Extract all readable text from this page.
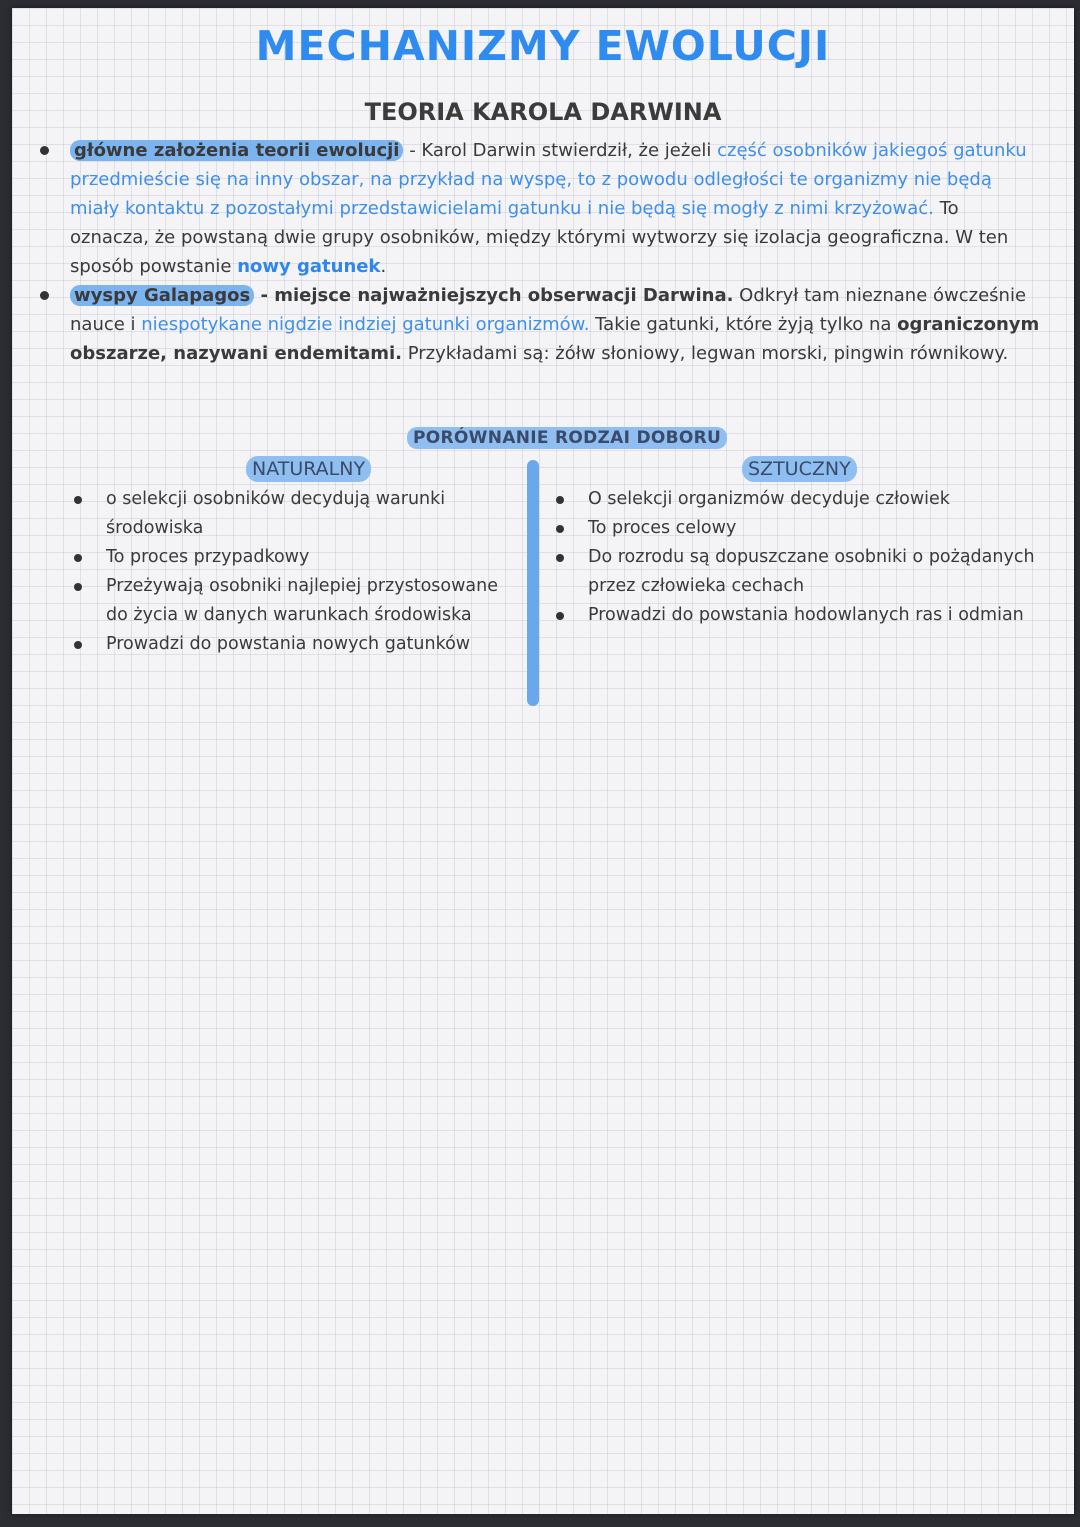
MECHANIZMY EWOLUCJI
TEORIA KAROLA DARWINA
główne założenia teorii ewolucji - Karol Darwin stwierdził, że jeżeli część osobników jakiegoś gatunku przedmieście się na inny obszar, na przykład na wyspę, to z powodu odległości te organizmy nie będą miały kontaktu z pozostałymi przedstawicielami gatunku i nie będą się mogły z nimi krzyżować. To oznacza, że powstaną dwie grupy osobników, między którymi wytworzy się izolacja geograficzna. W ten sposób powstanie nowy gatunek.
wyspy Galapagos - miejsce najważniejszych obserwacji Darwina. Odkrył tam nieznane ówcześnie nauce i niespotykane nigdzie indziej gatunki organizmów. Takie gatunki, które żyją tylko na ograniczonym obszarze, nazywani endemitami. Przykładami są: żółw słoniowy, legwan morski, pingwin równikowy.
PORÓWNANIE RODZAI DOBORU
NATURALNY	SZTUCZNY
o selekcji osobników decydują warunki środowiska
To proces przypadkowy
Przeżywają osobniki najlepiej przystosowane do życia w danych warunkach środowiska
Prowadzi do powstania nowych gatunków
O selekcji organizmów decyduje człowiek
To proces celowy
Do rozrodu są dopuszczane osobniki o pożądanych przez człowieka cechach
Prowadzi do powstania hodowlanych ras i odmian
